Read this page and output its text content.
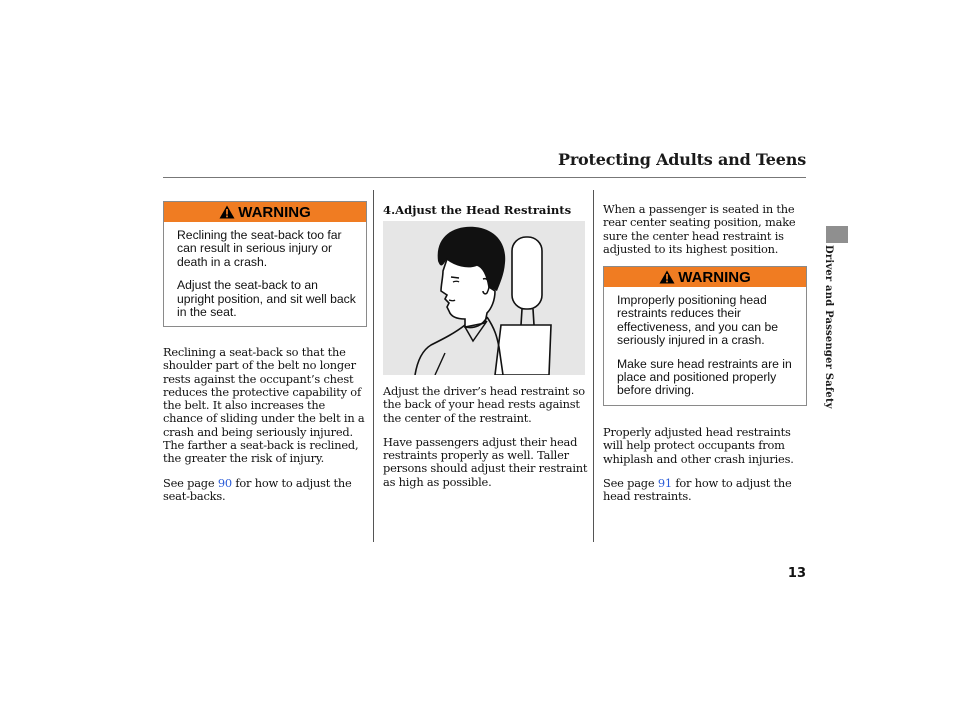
Protecting Adults and Teens
Driver and Passenger Safety
WARNING

Reclining the seat-back too far can result in serious injury or death in a crash.

Adjust the seat-back to an upright position, and sit well back in the seat.

Reclining a seat-back so that the shoulder part of the belt no longer rests against the occupant’s chest reduces the protective capability of the belt. It also increases the chance of sliding under the belt in a crash and being seriously injured. The farther a seat-back is reclined, the greater the risk of injury.

See page 90 for how to adjust the seat-backs.

4.Adjust the Head Restraints

Adjust the driver’s head restraint so the back of your head rests against the center of the restraint.

Have passengers adjust their head restraints properly as well. Taller persons should adjust their restraint as high as possible.

When a passenger is seated in the rear center seating position, make sure the center head restraint is adjusted to its highest position.

WARNING

Improperly positioning head restraints reduces their effectiveness, and you can be seriously injured in a crash.

Make sure head restraints are in place and positioned properly before driving.

Properly adjusted head restraints will help protect occupants from whiplash and other crash injuries.

See page 91 for how to adjust the head restraints.

13
